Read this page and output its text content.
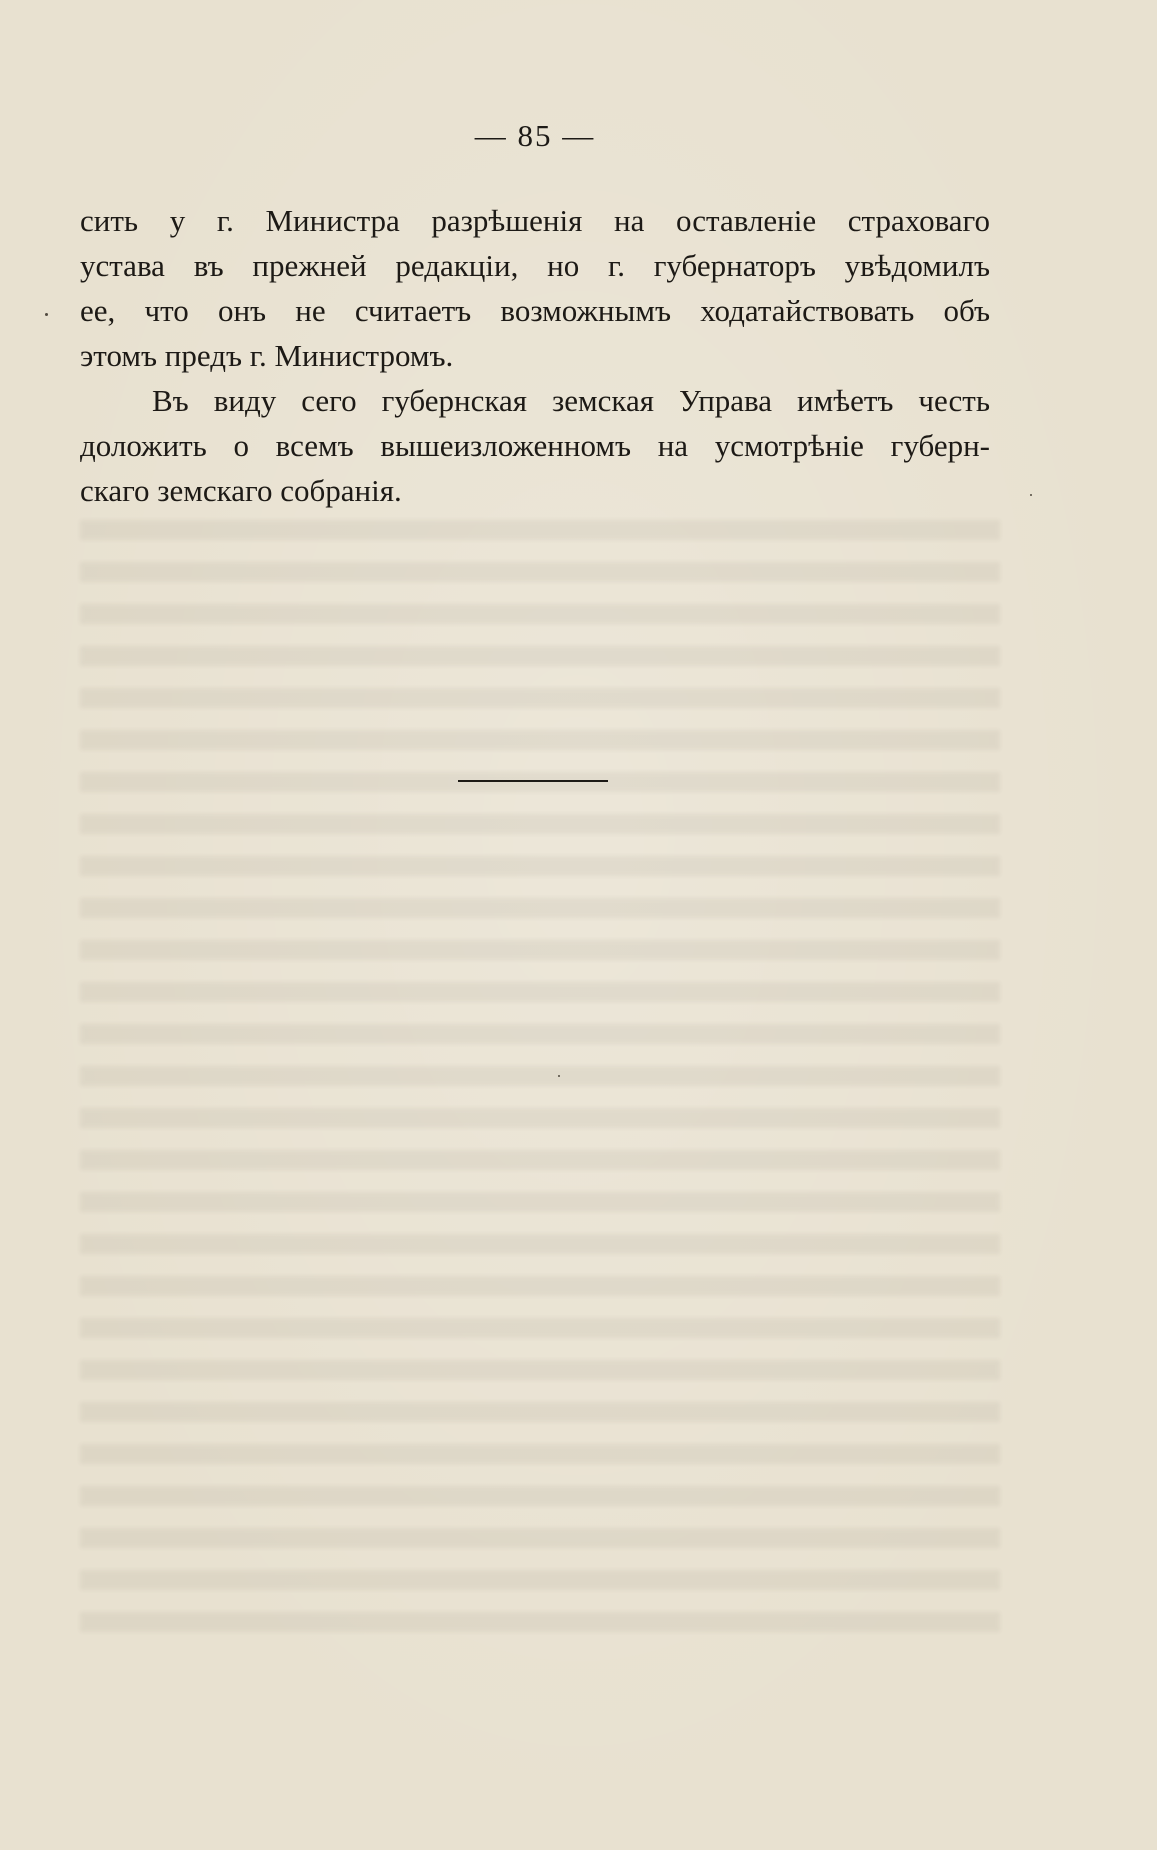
— 85 —
сить у г. Министра разрѣшенія на оставленіе страховаго
устава въ прежней редакціи, но г. губернаторъ увѣдомилъ
ее, что онъ не считаетъ возможнымъ ходатайствовать объ
этомъ предъ г. Министромъ.
Въ виду сего губернская земская Управа имѣетъ честь
доложить о всемъ вышеизложенномъ на усмотрѣніе губерн-
скаго земскаго собранія.
